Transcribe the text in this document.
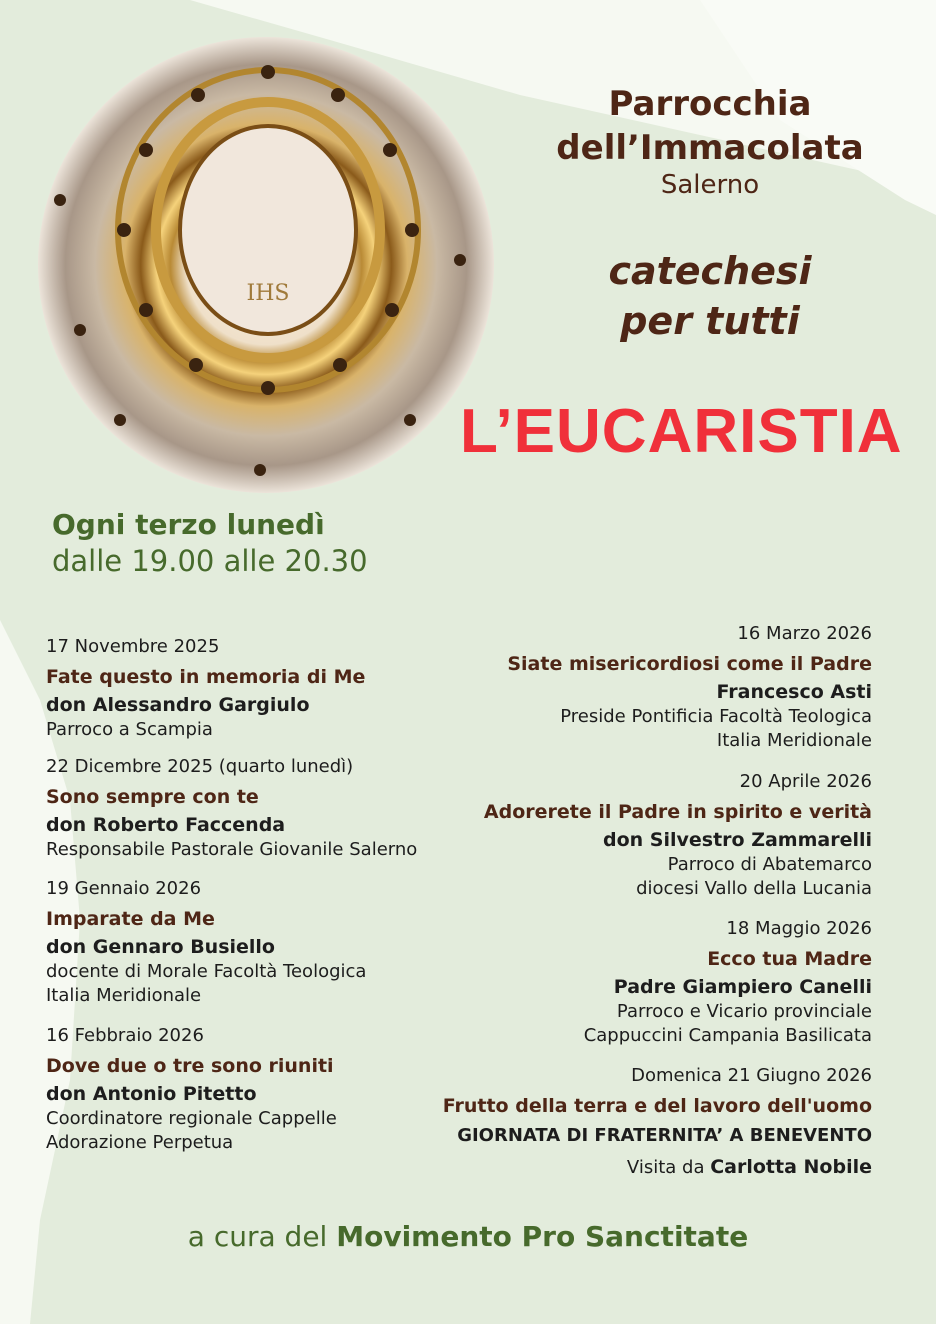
IHS
Parrocchia
dell’Immacolata
Salerno
catechesi
per tutti
L’EUCARISTIA
Ogni terzo lunedì
dalle 19.00 alle 20.30
17 Novembre 2025
Fate questo in memoria di Me
don Alessandro Gargiulo
Parroco a Scampia
22 Dicembre 2025 (quarto lunedì)
Sono sempre con te
don Roberto Faccenda
Responsabile Pastorale Giovanile Salerno
19 Gennaio 2026
Imparate da Me
don Gennaro Busiello
docente di Morale Facoltà Teologica
Italia Meridionale
16 Febbraio 2026
Dove due o tre sono riuniti
don Antonio Pitetto
Coordinatore regionale Cappelle
Adorazione Perpetua
16 Marzo 2026
Siate misericordiosi come il Padre
Francesco Asti
Preside Pontificia Facoltà Teologica
Italia Meridionale
20 Aprile 2026
Adorerete il Padre in spirito e verità
don Silvestro Zammarelli
Parroco di Abatemarco
diocesi Vallo della Lucania
18 Maggio 2026
Ecco tua Madre
Padre Giampiero Canelli
Parroco e Vicario provinciale
Cappuccini Campania Basilicata
Domenica 21 Giugno 2026
Frutto della terra e del lavoro dell'uomo
GIORNATA DI FRATERNITA’ A BENEVENTO
Visita da Carlotta Nobile
a cura del Movimento Pro Sanctitate
